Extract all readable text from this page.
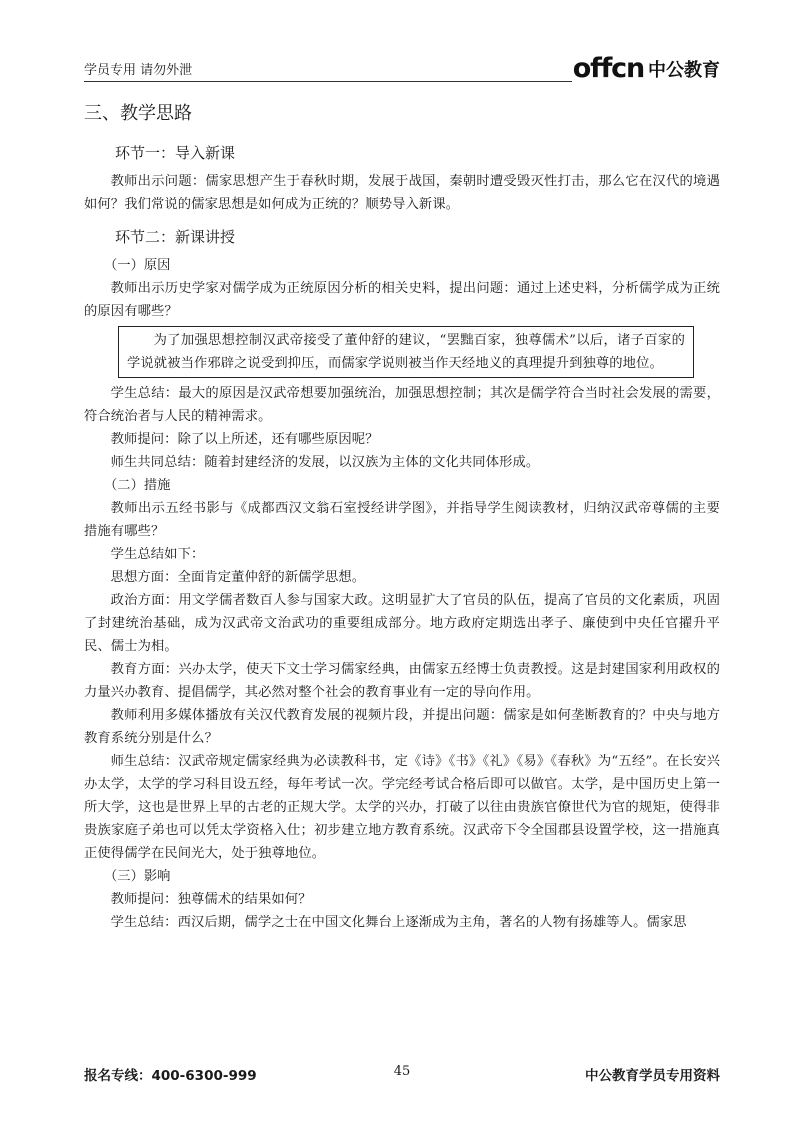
学员专用 请勿外泄	offcn 中公教育
三、教学思路
环节一：导入新课

教师出示问题：儒家思想产生于春秋时期，发展于战国，秦朝时遭受毁灭性打击，那么它在汉代的境遇如何？我们常说的儒家思想是如何成为正统的？顺势导入新课。

环节二：新课讲授

（一）原因

教师出示历史学家对儒学成为正统原因分析的相关史料，提出问题：通过上述史料，分析儒学成为正统的原因有哪些？

为了加强思想控制汉武帝接受了董仲舒的建议，“罢黜百家，独尊儒术”以后，诸子百家的学说就被当作邪辟之说受到抑压，而儒家学说则被当作天经地义的真理提升到独尊的地位。

学生总结：最大的原因是汉武帝想要加强统治，加强思想控制；其次是儒学符合当时社会发展的需要，符合统治者与人民的精神需求。

教师提问：除了以上所述，还有哪些原因呢？

师生共同总结：随着封建经济的发展，以汉族为主体的文化共同体形成。

（二）措施

教师出示五经书影与《成都西汉文翁石室授经讲学图》，并指导学生阅读教材，归纳汉武帝尊儒的主要措施有哪些？

学生总结如下：

思想方面：全面肯定董仲舒的新儒学思想。

政治方面：用文学儒者数百人参与国家大政。这明显扩大了官员的队伍，提高了官员的文化素质，巩固了封建统治基础，成为汉武帝文治武功的重要组成部分。地方政府定期选出孝子、廉使到中央任官擢升平民、儒士为相。

教育方面：兴办太学，使天下文士学习儒家经典，由儒家五经博士负责教授。这是封建国家利用政权的力量兴办教育、提倡儒学，其必然对整个社会的教育事业有一定的导向作用。

教师利用多媒体播放有关汉代教育发展的视频片段，并提出问题：儒家是如何垄断教育的？中央与地方教育系统分别是什么？

师生总结：汉武帝规定儒家经典为必读教科书，定《诗》《书》《礼》《易》《春秋》为“五经”。在长安兴办太学，太学的学习科目设五经，每年考试一次。学完经考试合格后即可以做官。太学，是中国历史上第一所大学，这也是世界上早的古老的正规大学。太学的兴办，打破了以往由贵族官僚世代为官的规矩，使得非贵族家庭子弟也可以凭太学资格入仕；初步建立地方教育系统。汉武帝下令全国郡县设置学校，这一措施真正使得儒学在民间光大，处于独尊地位。

（三）影响

教师提问：独尊儒术的结果如何？

学生总结：西汉后期，儒学之士在中国文化舞台上逐渐成为主角，著名的人物有扬雄等人。儒家思

报名专线：400-6300-999	45	中公教育学员专用资料
